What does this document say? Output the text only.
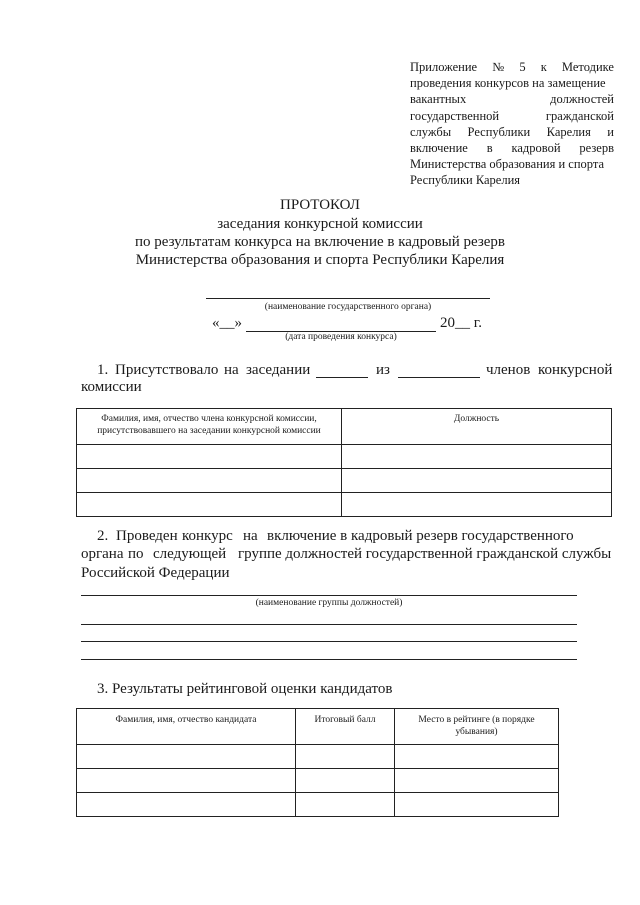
Приложение № 5 к Методике
проведения конкурсов на замещение
вакантных	должностей
государственной	гражданской
службы Республики Карелия и
включение в кадровой резерв
Министерства образования и спорта
Республики Карелия
ПРОТОКОЛ
заседания конкурсной комиссии
по результатам конкурса на включение в кадровый резерв
Министерства образования и спорта Республики Карелия
(наименование государственного органа)
«__»	20__ г.
(дата проведения конкурса)
1. Присутствовало на заседании	из	членов конкурсной
комиссии
Фамилия, имя, отчество члена конкурсной комиссии, присутствовавшего на заседании конкурсной комиссии	Должность

2. Проведен конкурс на включение в кадровый резерв государственного
органа по следующей группе должностей государственной гражданской службы
Российской Федерации
(наименование группы должностей)
3. Результаты рейтинговой оценки кандидатов
Фамилия, имя, отчество кандидата	Итоговый балл	Место в рейтинге (в порядке убывания)
